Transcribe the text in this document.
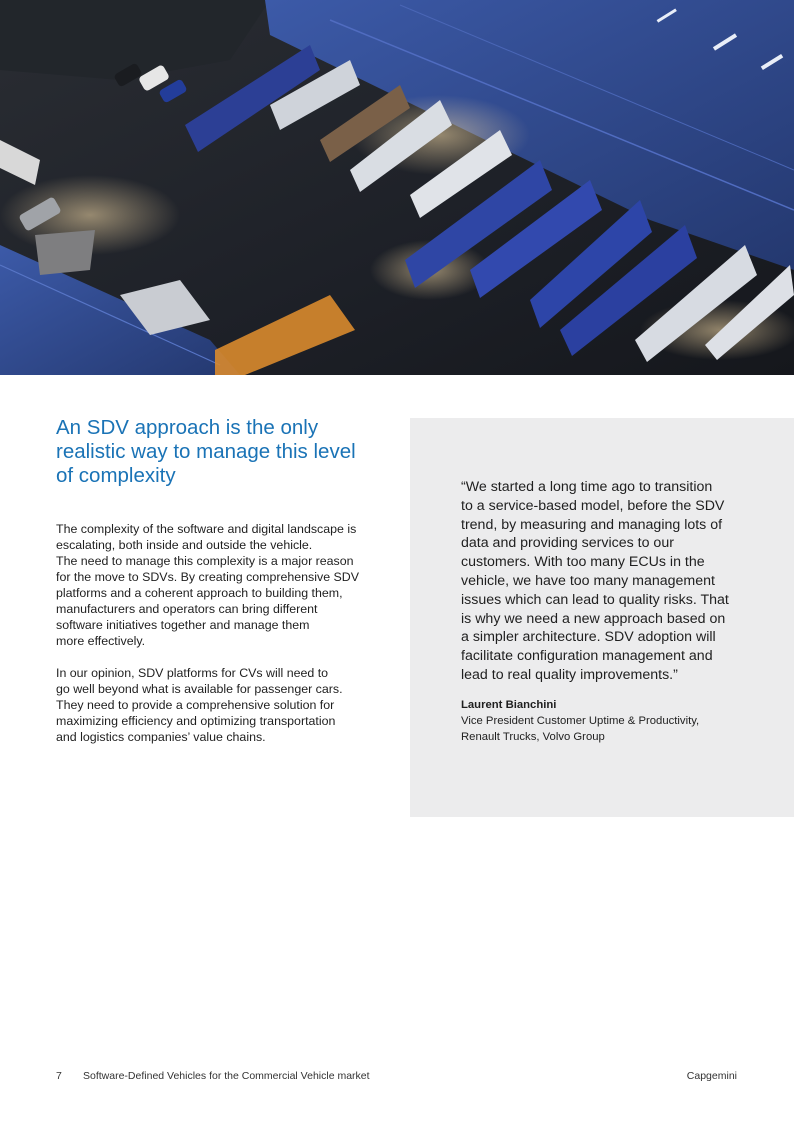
An SDV approach is the only
realistic way to manage this level
of complexity

The complexity of the software and digital landscape is
escalating, both inside and outside the vehicle.
The need to manage this complexity is a major reason
for the move to SDVs. By creating comprehensive SDV
platforms and a coherent approach to building them,
manufacturers and operators can bring different
software initiatives together and manage them
more effectively.

In our opinion, SDV platforms for CVs will need to
go well beyond what is available for passenger cars.
They need to provide a comprehensive solution for
maximizing efficiency and optimizing transportation
and logistics companies’ value chains.

“We started a long time ago to transition
to a service-based model, before the SDV
trend, by measuring and managing lots of
data and providing services to our
customers. With too many ECUs in the
vehicle, we have too many management
issues which can lead to quality risks. That
is why we need a new approach based on
a simpler architecture. SDV adoption will
facilitate configuration management and
lead to real quality improvements.”
Laurent Bianchini
Vice President Customer Uptime & Productivity,
Renault Trucks, Volvo Group
7 Software-Defined Vehicles for the Commercial Vehicle market	Capgemini
